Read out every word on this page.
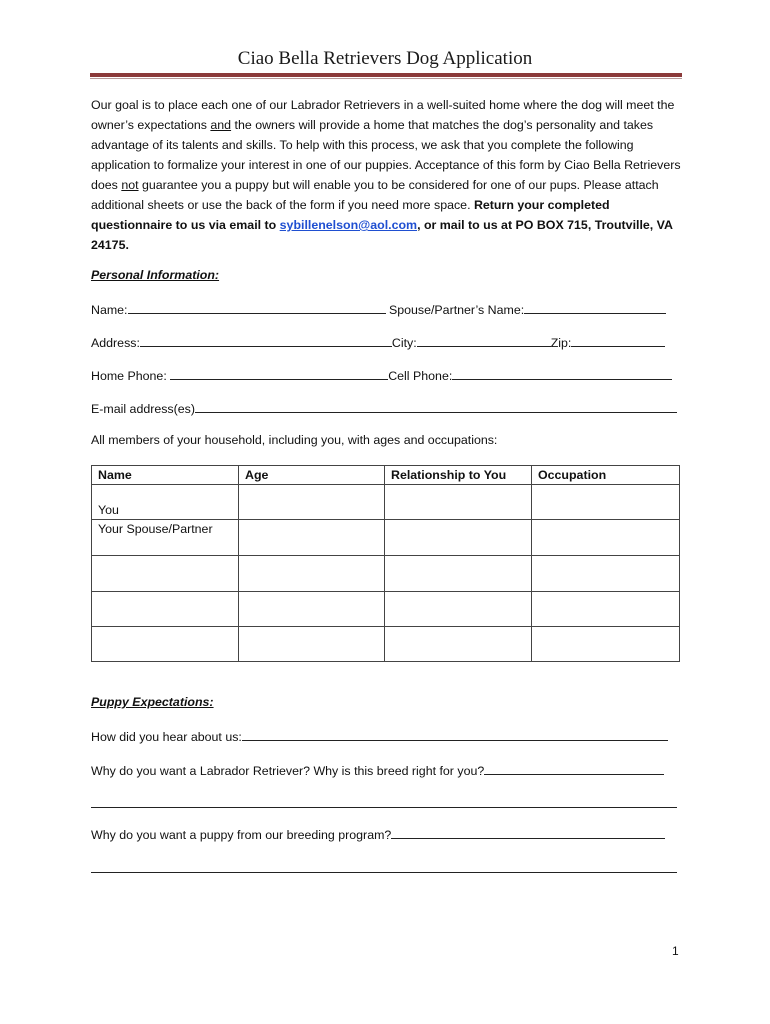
Ciao Bella Retrievers Dog Application
Our goal is to place each one of our Labrador Retrievers in a well-suited home where the dog will meet the owner’s expectations and the owners will provide a home that matches the dog’s personality and takes advantage of its talents and skills. To help with this process, we ask that you complete the following application to formalize your interest in one of our puppies. Acceptance of this form by Ciao Bella Retrievers does not guarantee you a puppy but will enable you to be considered for one of our pups. Please attach additional sheets or use the back of the form if you need more space. Return your completed questionnaire to us via email to sybillenelson@aol.com, or mail to us at PO BOX 715, Troutville, VA 24175.
Personal Information:
Name:	Spouse/Partner’s Name:
Address:	City:	Zip:
Home Phone:	Cell Phone:
E-mail address(es)
All members of your household, including you, with ages and occupations:
Name	Age	Relationship to You	Occupation
You			
Your Spouse/Partner			

Puppy Expectations:
How did you hear about us:
Why do you want a Labrador Retriever? Why is this breed right for you?
Why do you want a puppy from our breeding program?
1
